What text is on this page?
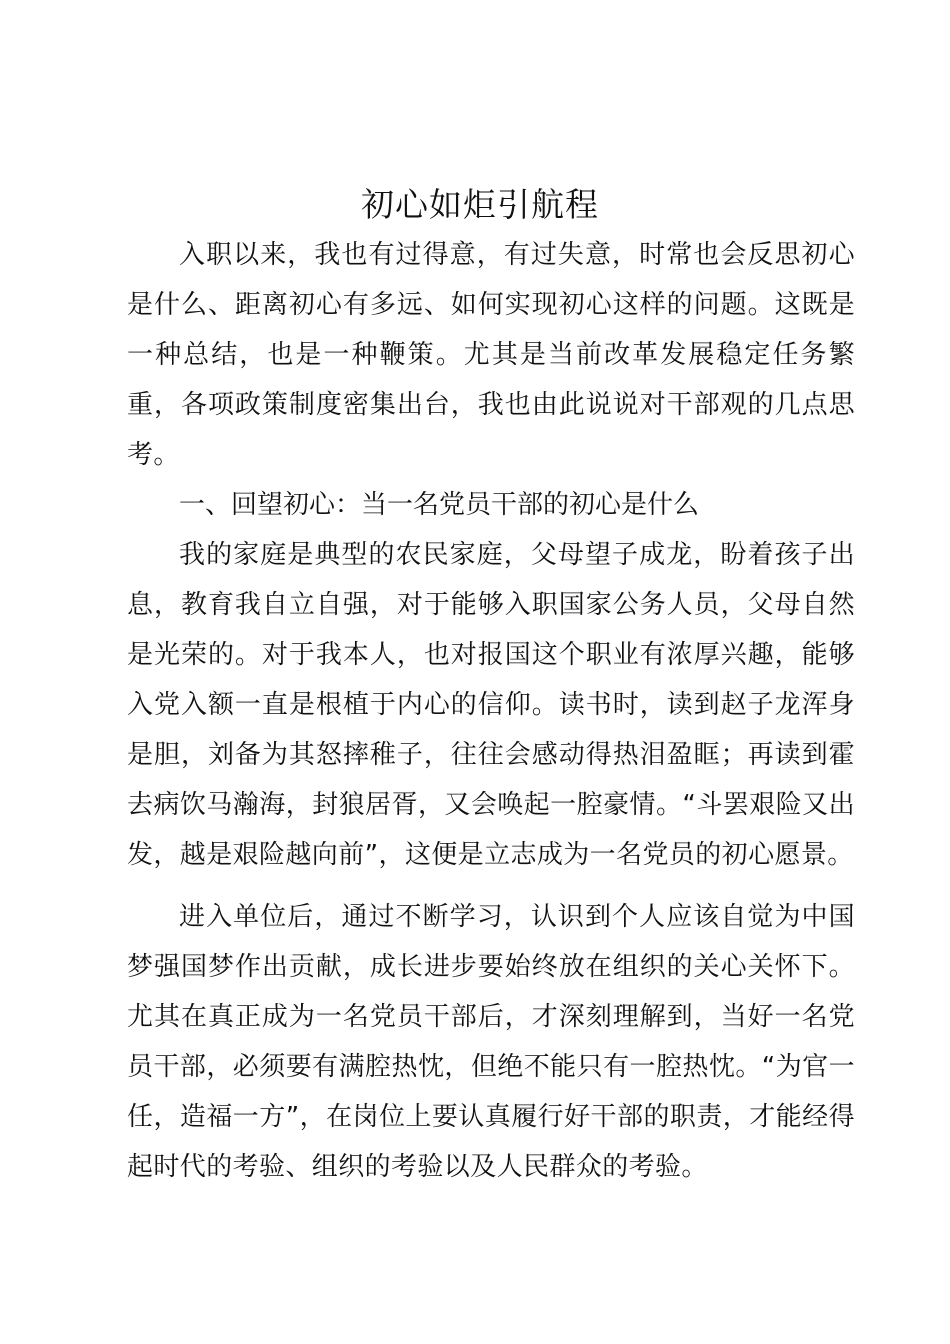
初心如炬引航程

入职以来，我也有过得意，有过失意，时常也会反思初心是什么、距离初心有多远、如何实现初心这样的问题。这既是一种总结，也是一种鞭策。尤其是当前改革发展稳定任务繁重，各项政策制度密集出台，我也由此说说对干部观的几点思考。

一、回望初心：当一名党员干部的初心是什么

我的家庭是典型的农民家庭，父母望子成龙，盼着孩子出息，教育我自立自强，对于能够入职国家公务人员，父母自然是光荣的。对于我本人，也对报国这个职业有浓厚兴趣，能够入党入额一直是根植于内心的信仰。读书时，读到赵子龙浑身是胆，刘备为其怒摔稚子，往往会感动得热泪盈眶；再读到霍去病饮马瀚海，封狼居胥，又会唤起一腔豪情。“斗罢艰险又出发，越是艰险越向前”，这便是立志成为一名党员的初心愿景。

进入单位后，通过不断学习，认识到个人应该自觉为中国梦强国梦作出贡献，成长进步要始终放在组织的关心关怀下。尤其在真正成为一名党员干部后，才深刻理解到，当好一名党员干部，必须要有满腔热忱，但绝不能只有一腔热忱。“为官一任，造福一方”，在岗位上要认真履行好干部的职责，才能经得起时代的考验、组织的考验以及人民群众的考验。
